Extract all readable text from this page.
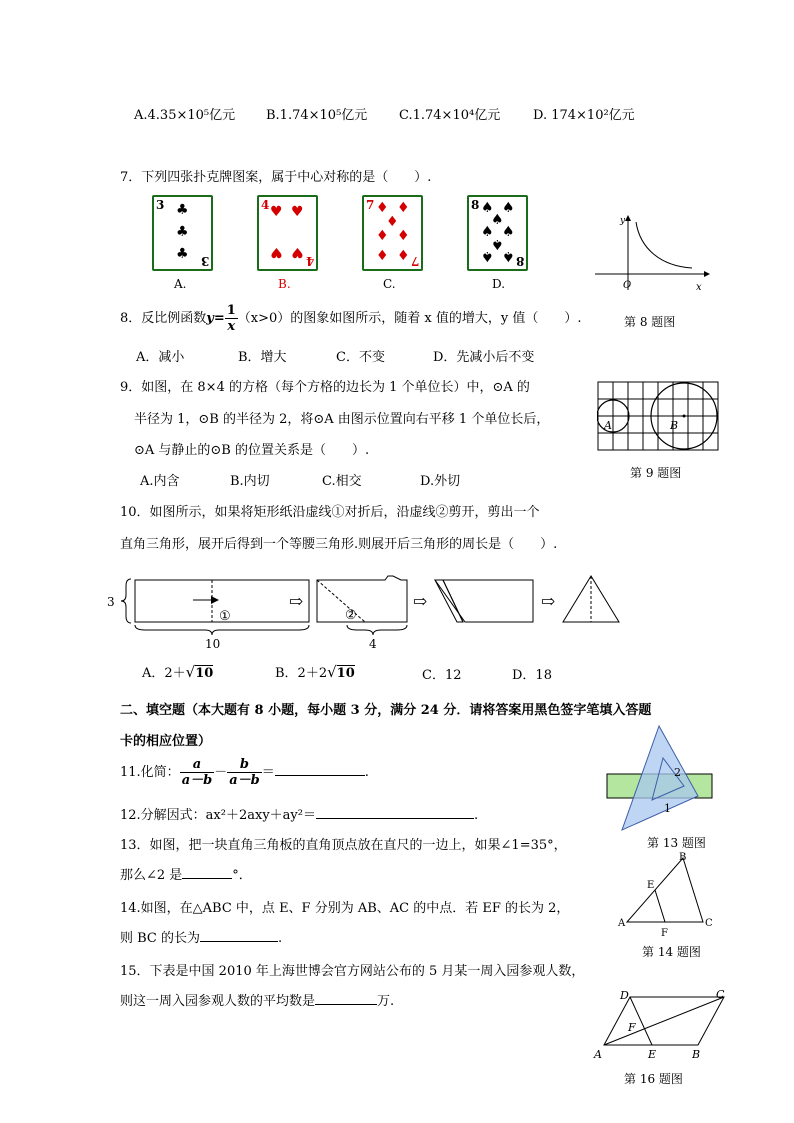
A.4.35×10⁵亿元 B.1.74×10⁵亿元 C.1.74×10⁴亿元	D. 174×10²亿元
7．下列四张扑克牌图案，属于中心对称的是（　　）.
3 ♣
♣
♣ 3
4 ♥ ♥
♥ ♥
4
7 ♦ ♦
♦
♦ ♦
♦ ♦ 7
8 ♠ ♠
♠
♠ ♠
♠
♠ ♠ 8
A.	B.	C.	D.
y
x
O
第 8 题图
8．反比例函数$y= \frac{1}{x} (x>0)$的图象如图所示，随着 x 值的增大，y 值（　　）.
A．减小	B．增大	C．不变	D．先减小后不变
9．如图，在 8×4 的方格（每个方格的边长为 1 个单位长）中，⊙A 的
半径为 1，⊙B 的半径为 2，将⊙A 由图示位置向右平移 1 个单位长后，
⊙A 与静止的⊙B 的位置关系是（　　）.
A.内含	B.内切	C.相交	D.外切
A	B
第 9 题图
10．如图所示，如果将矩形纸沿虚线①对折后，沿虚线②剪开，剪出一个
直角三角形，展开后得到一个等腰三角形.则展开后三角形的周长是（　　）.
3
10	4
①	②
⇨	⇨	⇨
A．2＋√10	B．2＋2√10	C．12	D．18
二、填空题（本大题有 8 小题，每小题 3 分，满分 24 分．请将答案用黑色签字笔填入答题
卡的相应位置）
11.化简： $\frac{a}{a-b} - \frac{b}{a-b}$ ＝	.
12.分解因式：ax²＋2axy＋ay²＝	.
13．如图，把一块直角三角板的直角顶点放在直尺的一边上，如果∠1=35°，
那么∠2 是	°．
2
1
第 13 题图
14.如图，在△ABC 中，点 E、F 分别为 AB、AC 的中点．若 EF 的长为 2，
则 BC 的长为	.
A
B
C
E
F
第 14 题图
15．下表是中国 2010 年上海世博会官方网站公布的 5 月某一周入园参观人数，
则这一周入园参观人数的平均数是	万.	D	C
A	E	B
F
第 16 题图
